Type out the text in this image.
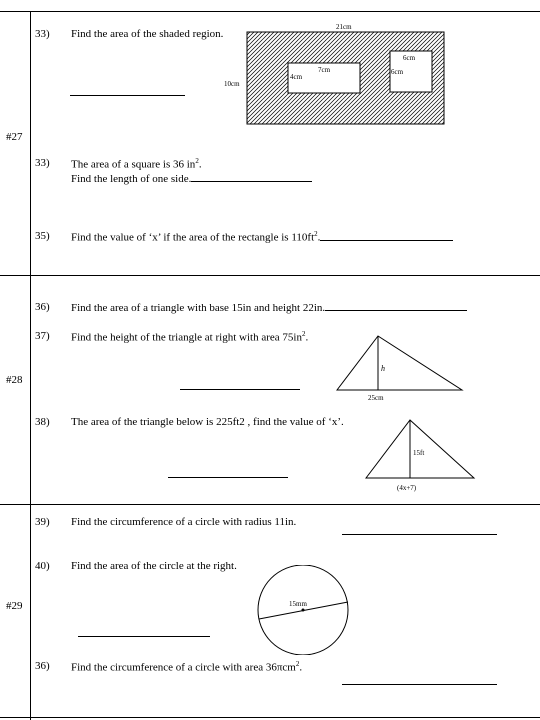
#27
#28
#29
33) Find the area of the shaded region.
21cm
10cm
7cm
4cm
6cm
6cm
33) The area of a square is 36 $in^2$.
Find the length of one side.
35) Find the value of ‘x’ if the area of the rectangle is $110ft^2$.
36) Find the area of a triangle with base 15in and height 22in.
37) Find the height of the triangle at right with area $75in^2$.
h
25cm
38) The area of the triangle below is 225ft2 , find the value of ‘x’.
15ft
(4x+7)
39) Find the circumference of a circle with radius 11in.
40) Find the area of the circle at the right.
15mm
36) Find the circumference of a circle with area 36πcm$^2$.
